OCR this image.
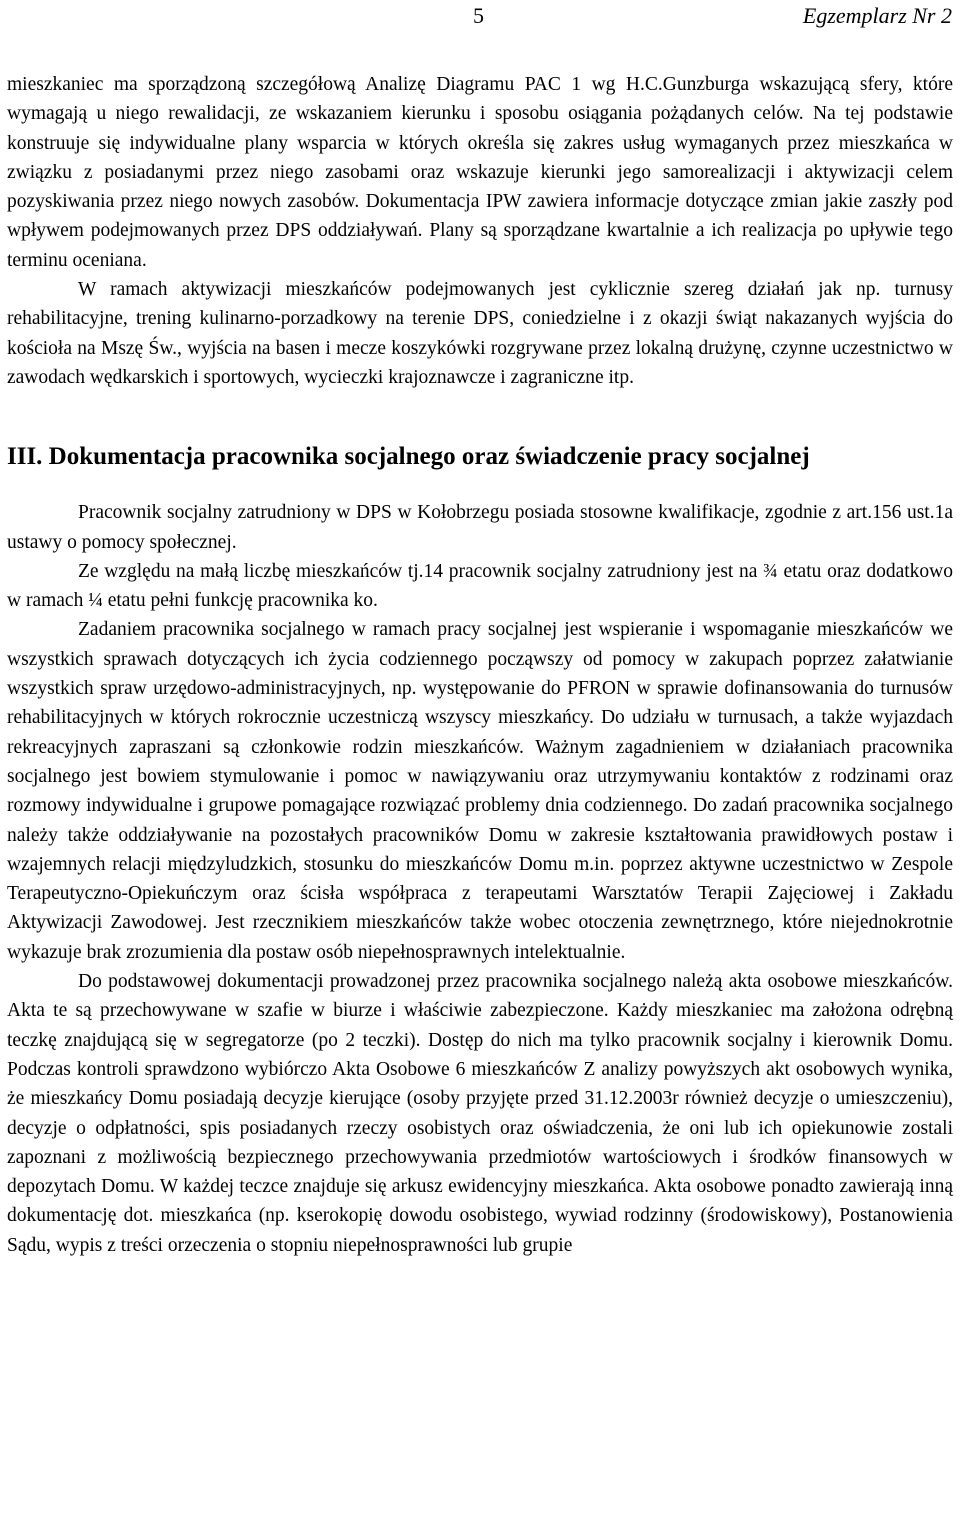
5	Egzemplarz Nr 2

mieszkaniec ma sporządzoną szczegółową Analizę Diagramu PAC 1 wg H.C.Gunzburga wskazującą sfery, które wymagają u niego rewalidacji, ze wskazaniem kierunku i sposobu osiągania pożądanych celów. Na tej podstawie konstruuje się indywidualne plany wsparcia w których określa się zakres usług wymaganych przez mieszkańca w związku z posiadanymi przez niego zasobami oraz wskazuje kierunki jego samorealizacji i aktywizacji celem pozyskiwania przez niego nowych zasobów. Dokumentacja IPW zawiera informacje dotyczące zmian jakie zaszły pod wpływem podejmowanych przez DPS oddziaływań. Plany są sporządzane kwartalnie a ich realizacja po upływie tego terminu oceniana.

W ramach aktywizacji mieszkańców podejmowanych jest cyklicznie szereg działań jak np. turnusy rehabilitacyjne, trening kulinarno-porzadkowy na terenie DPS, coniedzielne i z okazji świąt nakazanych wyjścia do kościoła na Mszę Św., wyjścia na basen i mecze koszykówki rozgrywane przez lokalną drużynę, czynne uczestnictwo w zawodach wędkarskich i sportowych, wycieczki krajoznawcze i zagraniczne itp.

III. Dokumentacja pracownika socjalnego oraz świadczenie pracy socjalnej

Pracownik socjalny zatrudniony w DPS w Kołobrzegu posiada stosowne kwalifikacje, zgodnie z art.156 ust.1a ustawy o pomocy społecznej.

Ze względu na małą liczbę mieszkańców tj.14 pracownik socjalny zatrudniony jest na ¾ etatu oraz dodatkowo w ramach ¼ etatu pełni funkcję pracownika ko.

Zadaniem pracownika socjalnego w ramach pracy socjalnej jest wspieranie i wspomaganie mieszkańców we wszystkich sprawach dotyczących ich życia codziennego począwszy od pomocy w zakupach poprzez załatwianie wszystkich spraw urzędowo-administracyjnych, np. występowanie do PFRON w sprawie dofinansowania do turnusów rehabilitacyjnych w których rokrocznie uczestniczą wszyscy mieszkańcy. Do udziału w turnusach, a także wyjazdach rekreacyjnych zapraszani są członkowie rodzin mieszkańców. Ważnym zagadnieniem w działaniach pracownika socjalnego jest bowiem stymulowanie i pomoc w nawiązywaniu oraz utrzymywaniu kontaktów z rodzinami oraz rozmowy indywidualne i grupowe pomagające rozwiązać problemy dnia codziennego. Do zadań pracownika socjalnego należy także oddziaływanie na pozostałych pracowników Domu w zakresie kształtowania prawidłowych postaw i wzajemnych relacji międzyludzkich, stosunku do mieszkańców Domu m.in. poprzez aktywne uczestnictwo w Zespole Terapeutyczno-Opiekuńczym oraz ścisła współpraca z terapeutami Warsztatów Terapii Zajęciowej i Zakładu Aktywizacji Zawodowej. Jest rzecznikiem mieszkańców także wobec otoczenia zewnętrznego, które niejednokrotnie wykazuje brak zrozumienia dla postaw osób niepełnosprawnych intelektualnie.

Do podstawowej dokumentacji prowadzonej przez pracownika socjalnego należą akta osobowe mieszkańców. Akta te są przechowywane w szafie w biurze i właściwie zabezpieczone. Każdy mieszkaniec ma założona odrębną teczkę znajdującą się w segregatorze (po 2 teczki). Dostęp do nich ma tylko pracownik socjalny i kierownik Domu. Podczas kontroli sprawdzono wybiórczo Akta Osobowe 6 mieszkańców Z analizy powyższych akt osobowych wynika, że mieszkańcy Domu posiadają decyzje kierujące (osoby przyjęte przed 31.12.2003r również decyzje o umieszczeniu), decyzje o odpłatności, spis posiadanych rzeczy osobistych oraz oświadczenia, że oni lub ich opiekunowie zostali zapoznani z możliwością bezpiecznego przechowywania przedmiotów wartościowych i środków finansowych w depozytach Domu. W każdej teczce znajduje się arkusz ewidencyjny mieszkańca. Akta osobowe ponadto zawierają inną dokumentację dot. mieszkańca (np. kserokopię dowodu osobistego, wywiad rodzinny (środowiskowy), Postanowienia Sądu, wypis z treści orzeczenia o stopniu niepełnosprawności lub grupie
